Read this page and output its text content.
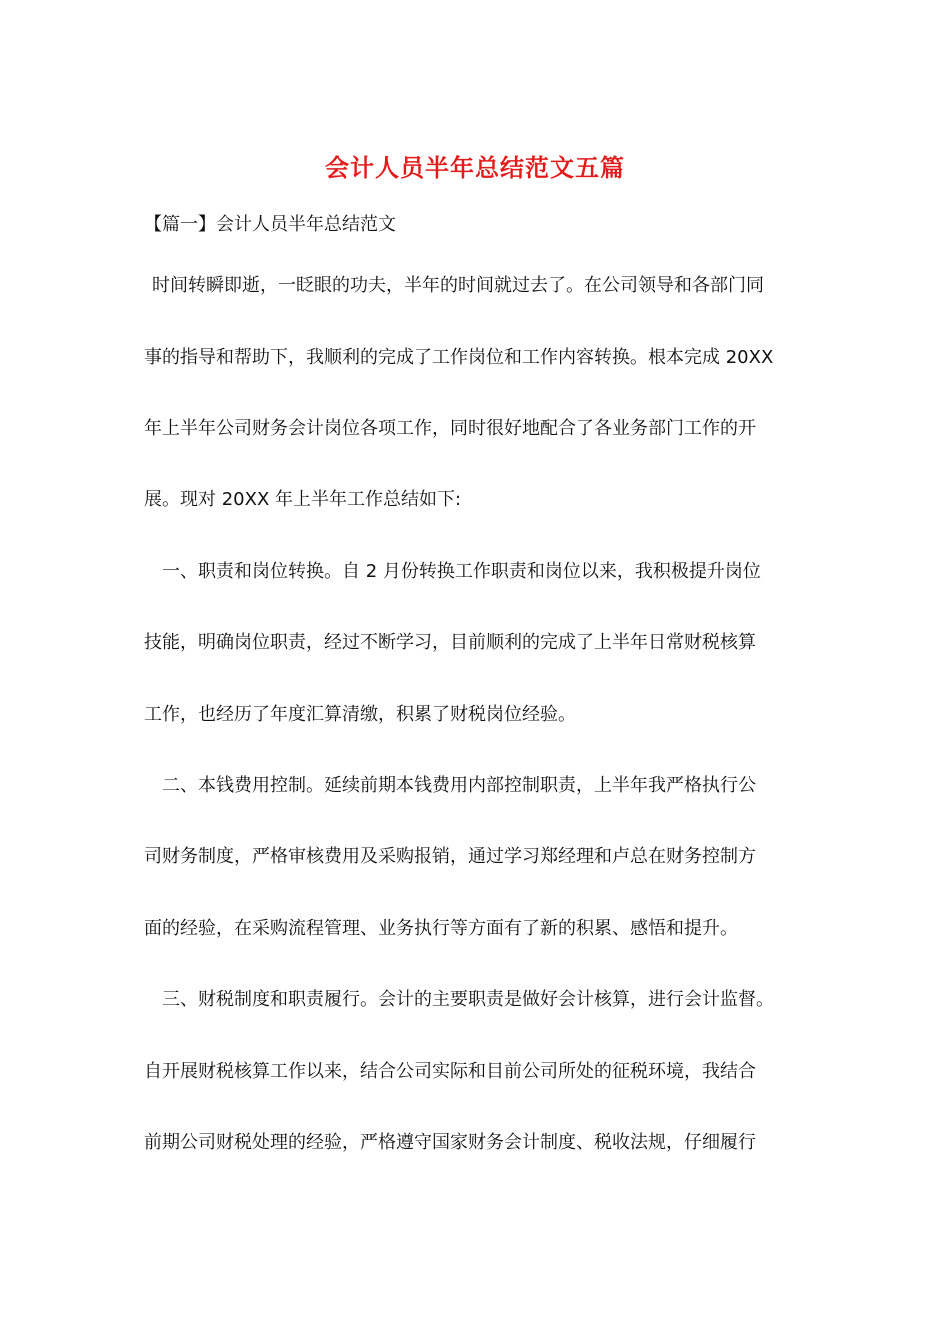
会计人员半年总结范文五篇
【篇一】会计人员半年总结范文
时间转瞬即逝，一眨眼的功夫，半年的时间就过去了。在公司领导和各部门同
事的指导和帮助下，我顺利的完成了工作岗位和工作内容转换。根本完成 20XX
年上半年公司财务会计岗位各项工作，同时很好地配合了各业务部门工作的开
展。现对 20XX 年上半年工作总结如下:
一、职责和岗位转换。自 2 月份转换工作职责和岗位以来，我积极提升岗位
技能，明确岗位职责，经过不断学习，目前顺利的完成了上半年日常财税核算
工作，也经历了年度汇算清缴，积累了财税岗位经验。
二、本钱费用控制。延续前期本钱费用内部控制职责，上半年我严格执行公
司财务制度，严格审核费用及采购报销，通过学习郑经理和卢总在财务控制方
面的经验，在采购流程管理、业务执行等方面有了新的积累、感悟和提升。
三、财税制度和职责履行。会计的主要职责是做好会计核算，进行会计监督。
自开展财税核算工作以来，结合公司实际和目前公司所处的征税环境，我结合
前期公司财税处理的经验，严格遵守国家财务会计制度、税收法规，仔细履行
